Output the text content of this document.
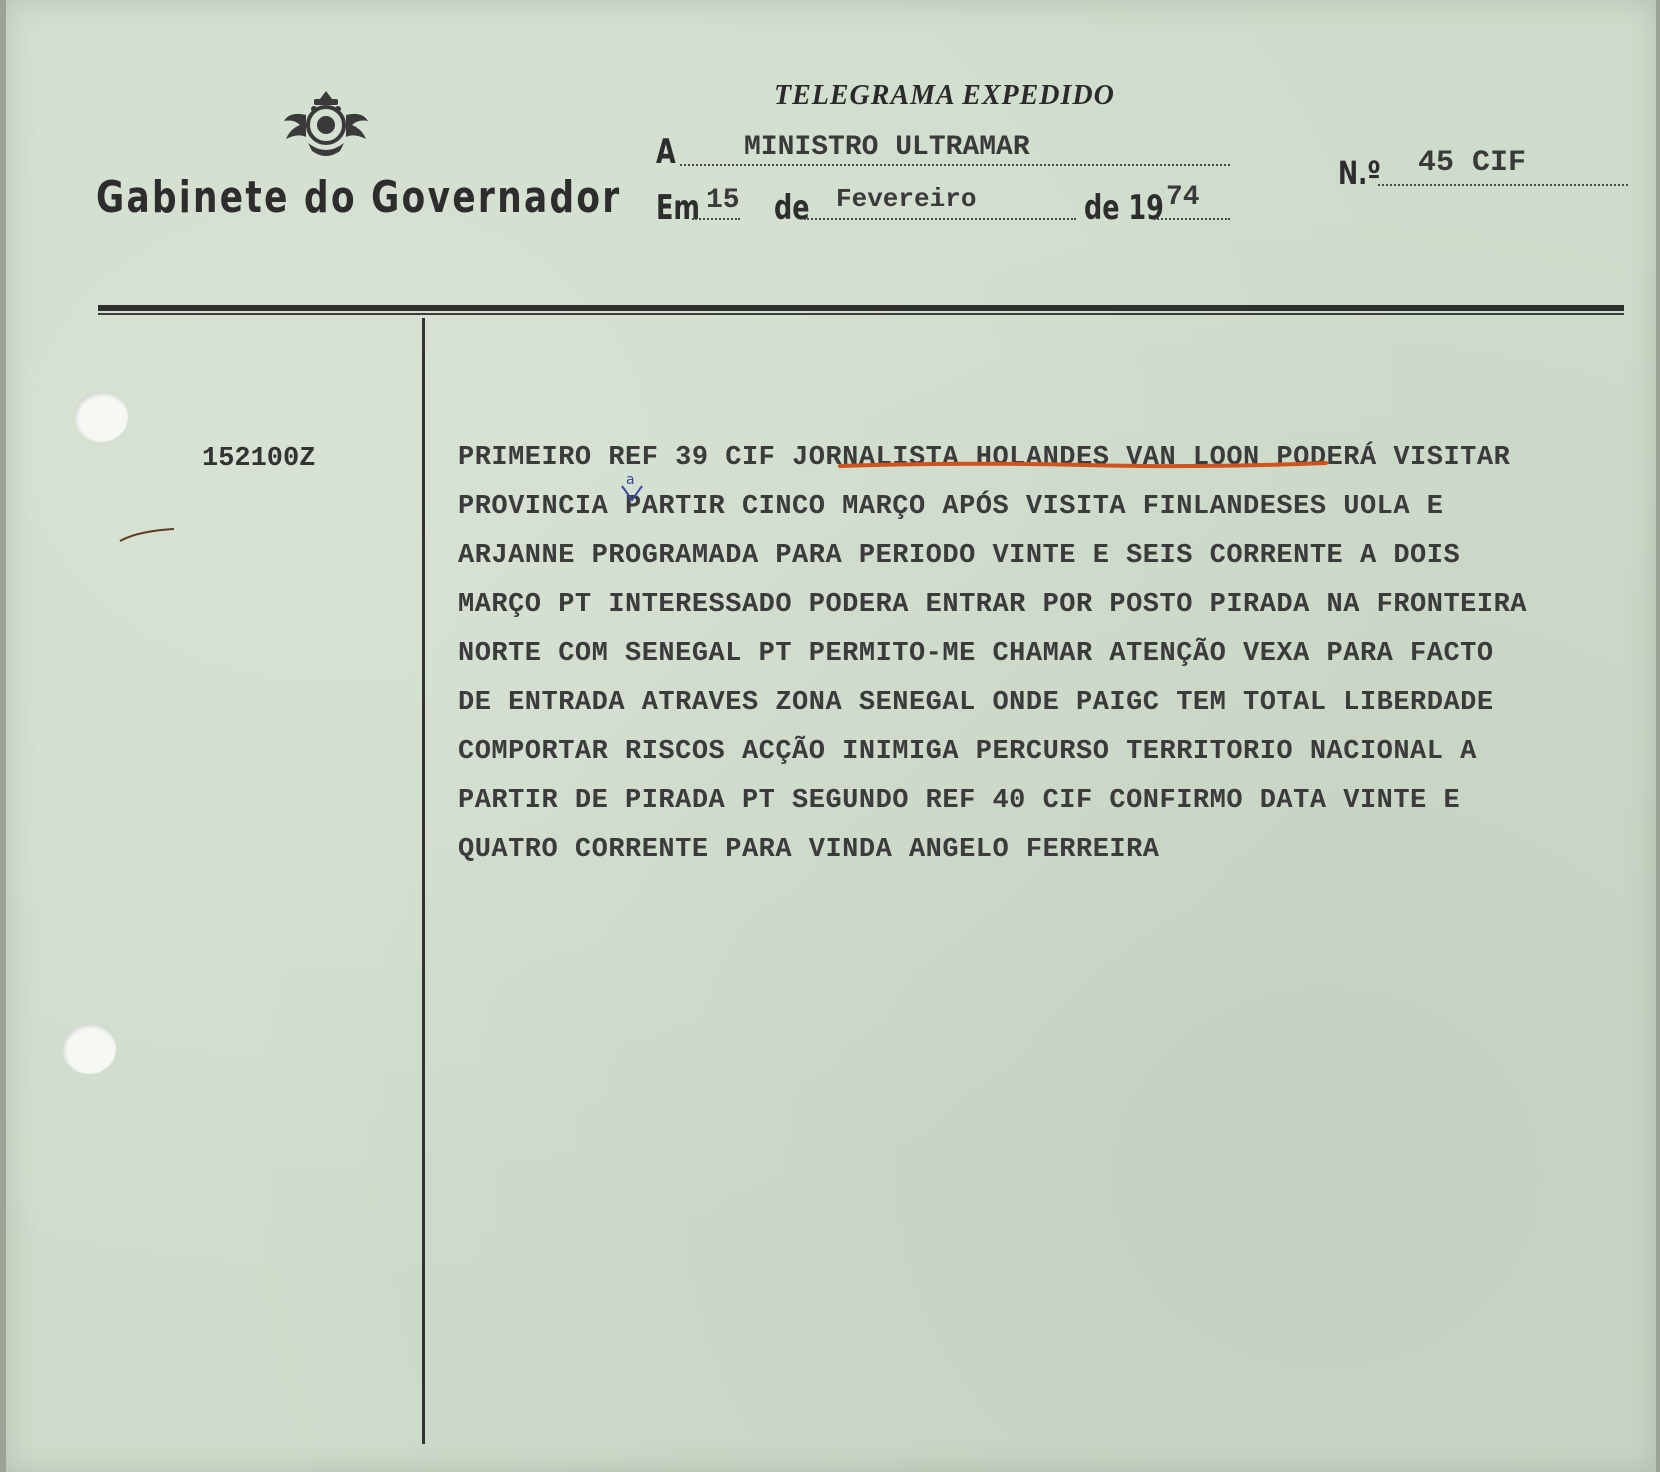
Gabinete do Governador
TELEGRAMA EXPEDIDO
A MINISTRO ULTRAMAR
Em 15 de Fevereiro	de 19 74
N.º 45 CIF
152100Z	PRIMEIRO REF 39 CIF JORNALISTA HOLANDES VAN LOON PODERÁ VISITAR
PROVINCIA PARTIR CINCO MARÇO APÓS VISITA FINLANDESES UOLA E
ARJANNE PROGRAMADA PARA PERIODO VINTE E SEIS CORRENTE A DOIS
MARÇO PT INTERESSADO PODERA ENTRAR POR POSTO PIRADA NA FRONTEIRA
NORTE COM SENEGAL PT PERMITO-ME CHAMAR ATENÇÃO VEXA PARA FACTO
DE ENTRADA ATRAVES ZONA SENEGAL ONDE PAIGC TEM TOTAL LIBERDADE
COMPORTAR RISCOS ACÇÃO INIMIGA PERCURSO TERRITORIO NACIONAL A
PARTIR DE PIRADA PT SEGUNDO REF 40 CIF CONFIRMO DATA VINTE E
QUATRO CORRENTE PARA VINDA ANGELO FERREIRA
a
